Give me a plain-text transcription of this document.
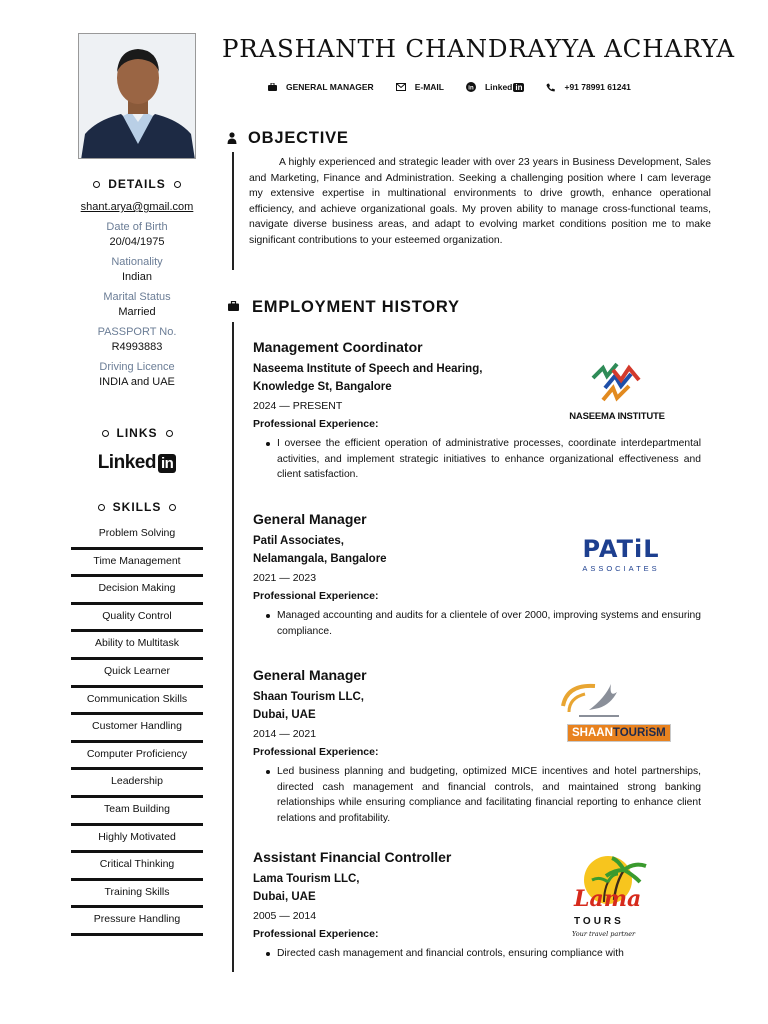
DETAILS
shant.arya@gmail.com
Date of Birth
20/04/1975
Nationality
Indian
Marital Status
Married
PASSPORT No.
R4993883
Driving Licence
INDIA and UAE
LINKS
Linked in
SKILLS
Problem Solving
Time Management
Decision Making
Quality Control
Ability to Multitask
Quick Learner
Communication Skills
Customer Handling
Computer Proficiency
Leadership
Team Building
Highly Motivated
Critical Thinking
Training Skills
Pressure Handling
PRASHANTH CHANDRAYYA ACHARYA
GENERAL MANAGER	E-MAIL	in Linked in	+91 78991 61241
OBJECTIVE

A highly experienced and strategic leader with over 23 years in Business Development, Sales and Marketing, Finance and Administration. Seeking a challenging position where I cam leverage my extensive expertise in multinational environments to drive growth, enhance operational efficiency, and achieve organizational goals. My proven ability to manage cross-functional teams, navigate diverse business areas, and adapt to evolving market conditions position me to make significant contributions to your esteemed organization.

EMPLOYMENT HISTORY
Management Coordinator
Naseema Institute of Speech and Hearing,
Knowledge St, Bangalore
2024 — PRESENT
Professional Experience:

I oversee the efficient operation of administrative processes, coordinate interdepartmental activities, and implement strategic initiatives to enhance organizational effectiveness and client satisfaction.

NASEEMA INSTITUTE
General Manager
Patil Associates,
Nelamangala, Bangalore
2021 — 2023
Professional Experience:

Managed accounting and audits for a clientele of over 2000, improving systems and ensuring compliance.

PATiL
ASSOCIATES
General Manager
Shaan Tourism LLC,
Dubai, UAE
2014 — 2021
Professional Experience:

Led business planning and budgeting, optimized MICE incentives and hotel partnerships, directed cash management and financial controls, and maintained strong banking relationships while ensuring compliance and facilitating financial reporting to enhance client relations and profitability.

SHAANTOURiSM
Assistant Financial Controller
Lama Tourism LLC,
Dubai, UAE
2005 — 2014
Professional Experience:

Directed cash management and financial controls, ensuring compliance with

Lama
TOURS
Your travel partner
